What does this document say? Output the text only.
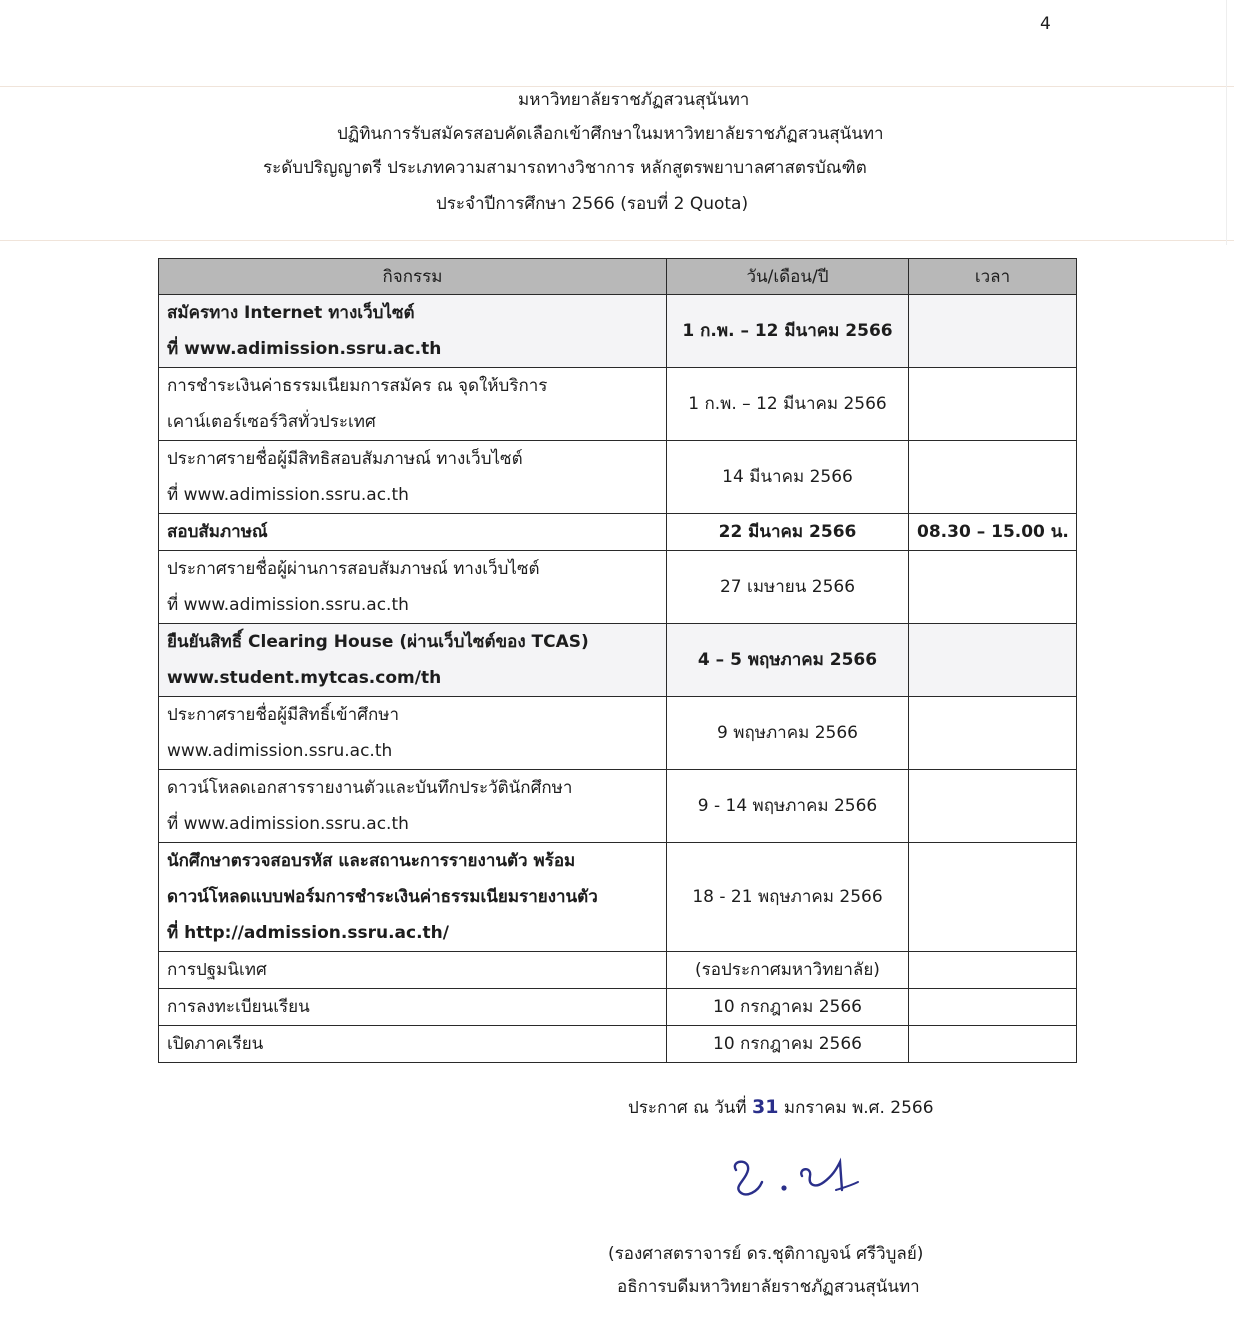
4
มหาวิทยาลัยราชภัฏสวนสุนันทา
ปฏิทินการรับสมัครสอบคัดเลือกเข้าศึกษาในมหาวิทยาลัยราชภัฏสวนสุนันทา
ระดับปริญญาตรี ประเภทความสามารถทางวิชาการ หลักสูตรพยาบาลศาสตรบัณฑิต
ประจำปีการศึกษา 2566 (รอบที่ 2 Quota)
กิจกรรม	วัน/เดือน/ปี	เวลา

สมัครทาง Internet ทางเว็บไซต์
ที่ www.adimission.ssru.ac.th	1 ก.พ. – 12 มีนาคม 2566	

การชำระเงินค่าธรรมเนียมการสมัคร ณ จุดให้บริการ
เคาน์เตอร์เซอร์วิสทั่วประเทศ	1 ก.พ. – 12 มีนาคม 2566	

ประกาศรายชื่อผู้มีสิทธิสอบสัมภาษณ์ ทางเว็บไซต์
ที่ www.adimission.ssru.ac.th	14 มีนาคม 2566	

สอบสัมภาษณ์	22 มีนาคม 2566	08.30 – 15.00 น.

ประกาศรายชื่อผู้ผ่านการสอบสัมภาษณ์ ทางเว็บไซต์
ที่ www.adimission.ssru.ac.th	27 เมษายน 2566	

ยืนยันสิทธิ์ Clearing House (ผ่านเว็บไซต์ของ TCAS)
www.student.mytcas.com/th	4 – 5 พฤษภาคม 2566	

ประกาศรายชื่อผู้มีสิทธิ์เข้าศึกษา
www.adimission.ssru.ac.th	9 พฤษภาคม 2566	

ดาวน์โหลดเอกสารรายงานตัวและบันทึกประวัตินักศึกษา
ที่ www.adimission.ssru.ac.th	9 - 14 พฤษภาคม 2566	

นักศึกษาตรวจสอบรหัส และสถานะการรายงานตัว พร้อม
ดาวน์โหลดแบบฟอร์มการชำระเงินค่าธรรมเนียมรายงานตัว
ที่ http://admission.ssru.ac.th/	18 - 21 พฤษภาคม 2566	

การปฐมนิเทศ	(รอประกาศมหาวิทยาลัย)	

การลงทะเบียนเรียน	10 กรกฎาคม 2566	

เปิดภาคเรียน	10 กรกฎาคม 2566	
ประกาศ ณ วันที่ 31 มกราคม พ.ศ. 2566
(รองศาสตราจารย์ ดร.ชุติกาญจน์ ศรีวิบูลย์)
อธิการบดีมหาวิทยาลัยราชภัฏสวนสุนันทา
